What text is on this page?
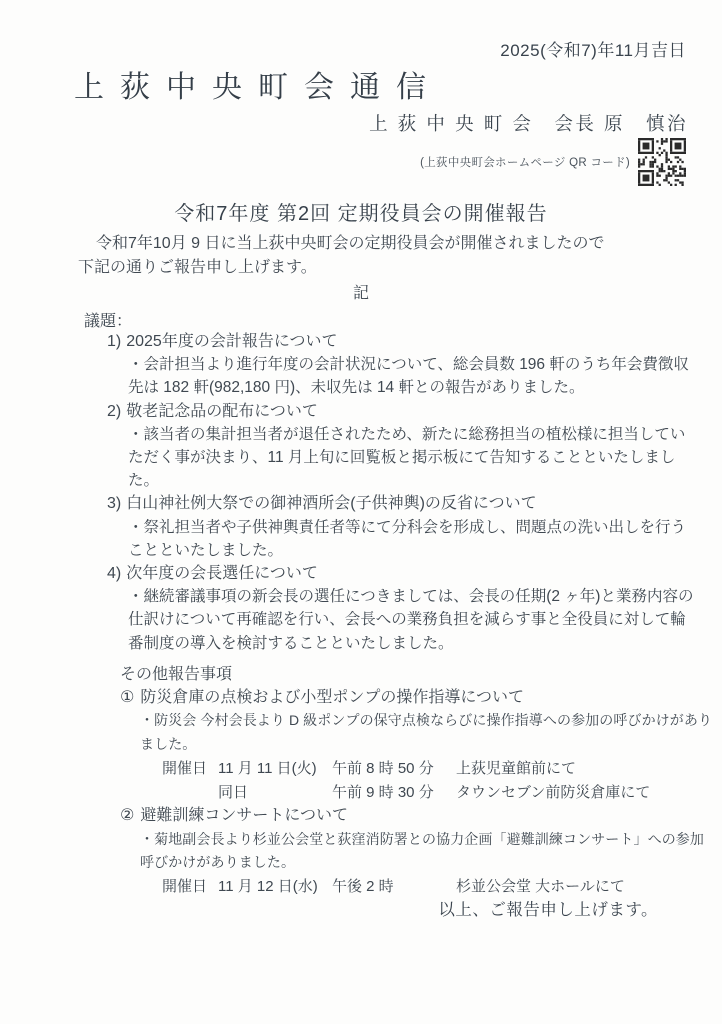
2025(令和7)年11月吉日
上荻中央町会通信
上 荻 中 央 町 会　会長 原　慎治
(上荻中央町会ホームページ QR コード)
令和7年度 第2回 定期役員会の開催報告
令和7年10月 9 日に当上荻中央町会の定期役員会が開催されましたので
下記の通りご報告申し上げます。
記
議題：
1) 2025年度の会計報告について
・会計担当より進行年度の会計状況について、総会員数 196 軒のうち年会費徴収先は 182 軒(982,180 円)、未収先は 14 軒との報告がありました。
2) 敬老記念品の配布について
・該当者の集計担当者が退任されたため、新たに総務担当の植松様に担当していただく事が決まり、11 月上旬に回覧板と掲示板にて告知することといたしました。
3) 白山神社例大祭での御神酒所会(子供神輿)の反省について
・祭礼担当者や子供神輿責任者等にて分科会を形成し、問題点の洗い出しを行うことといたしました。
4) 次年度の会長選任について
・継続審議事項の新会長の選任につきましては、会長の任期(2 ヶ年)と業務内容の仕訳けについて再確認を行い、会長への業務負担を減らす事と全役員に対して輪番制度の導入を検討することといたしました。
その他報告事項
① 防災倉庫の点検および小型ポンプの操作指導について
・防災会 今村会長より D 級ポンプの保守点検ならびに操作指導への参加の呼びかけがありました。
開催日 11 月 11 日(火)	午前 8 時 50 分	上荻児童館前にて
同日	午前 9 時 30 分	タウンセブン前防災倉庫にて
② 避難訓練コンサートについて
・菊地副会長より杉並公会堂と荻窪消防署との協力企画「避難訓練コンサート」への参加呼びかけがありました。
開催日 11 月 12 日(水) 午後 2 時	杉並公会堂 大ホールにて
以上、ご報告申し上げます。
